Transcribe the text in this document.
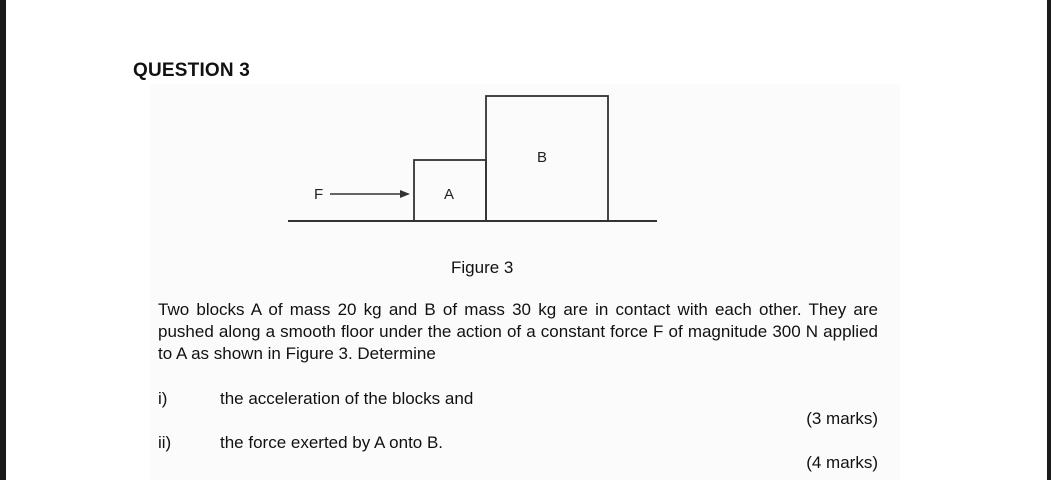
QUESTION 3
F	A
B
Figure 3
Two blocks A of mass 20 kg and B of mass 30 kg are in contact with each other. They are pushed along a smooth floor under the action of a constant force F of magnitude 300 N applied to A as shown in Figure 3. Determine
i)	the acceleration of the blocks and
(3 marks)
ii)	the force exerted by A onto B.
(4 marks)
